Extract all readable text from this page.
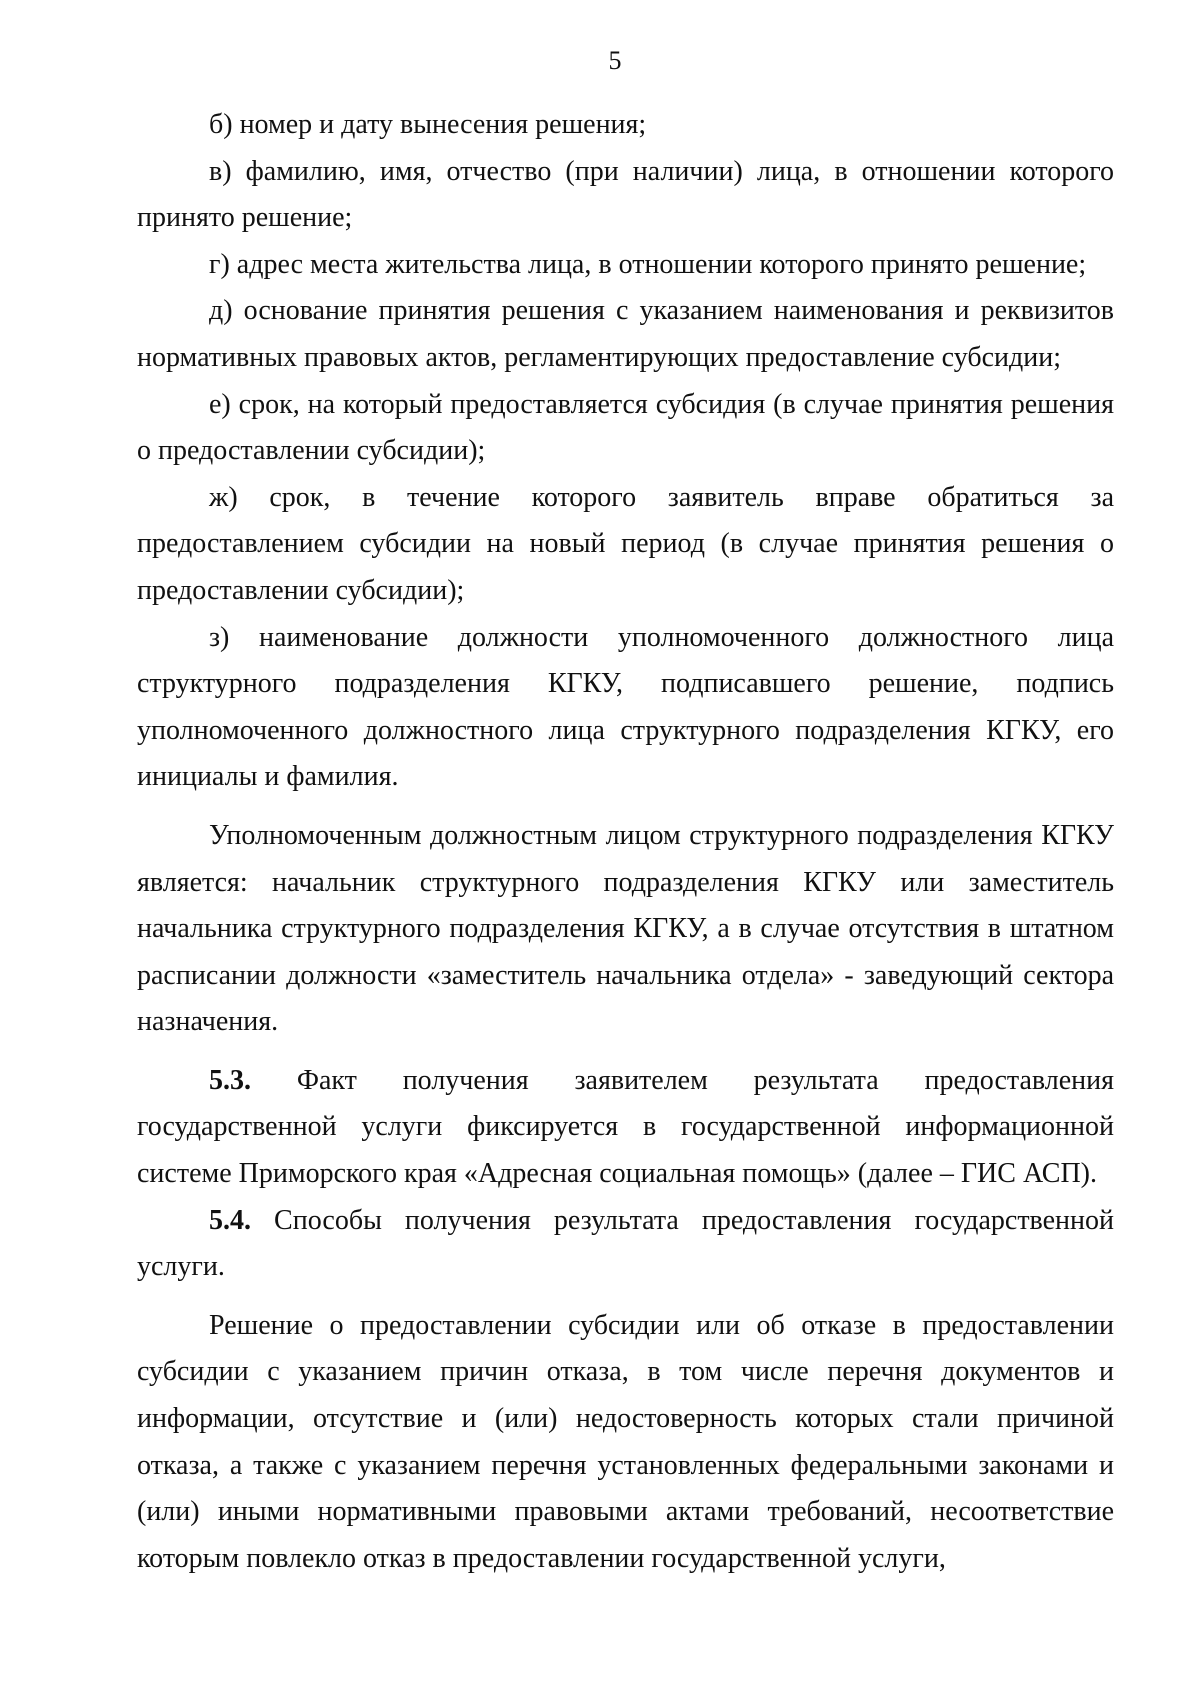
5

б) номер и дату вынесения решения;

в) фамилию, имя, отчество (при наличии) лица, в отношении которого принято решение;

г) адрес места жительства лица, в отношении которого принято решение;

д) основание принятия решения с указанием наименования и реквизитов нормативных правовых актов, регламентирующих предоставление субсидии;

е) срок, на который предоставляется субсидия (в случае принятия решения о предоставлении субсидии);

ж) срок, в течение которого заявитель вправе обратиться за предоставлением субсидии на новый период (в случае принятия решения о предоставлении субсидии);

з) наименование должности уполномоченного должностного лица структурного подразделения КГКУ, подписавшего решение, подпись уполномоченного должностного лица структурного подразделения КГКУ, его инициалы и фамилия.

Уполномоченным должностным лицом структурного подразделения КГКУ является: начальник структурного подразделения КГКУ или заместитель начальника структурного подразделения КГКУ, а в случае отсутствия в штатном расписании должности «заместитель начальника отдела» - заведующий сектора назначения.

5.3. Факт получения заявителем результата предоставления государственной услуги фиксируется в государственной информационной системе Приморского края «Адресная социальная помощь» (далее – ГИС АСП).

5.4. Способы получения результата предоставления государственной услуги.

Решение о предоставлении субсидии или об отказе в предоставлении субсидии с указанием причин отказа, в том числе перечня документов и информации, отсутствие и (или) недостоверность которых стали причиной отказа, а также с указанием перечня установленных федеральными законами и (или) иными нормативными правовыми актами требований, несоответствие которым повлекло отказ в предоставлении государственной услуги,
